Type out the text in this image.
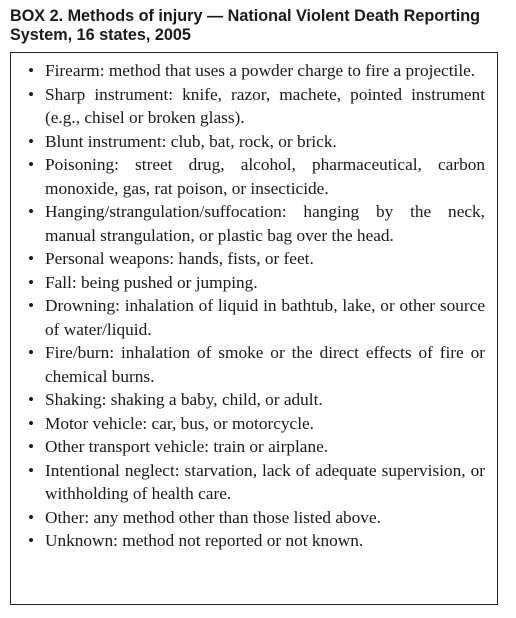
BOX 2. Methods of injury — National Violent Death Reporting System, 16 states, 2005
• Firearm: method that uses a powder charge to fire a projectile.
• Sharp instrument: knife, razor, machete, pointed instrument (e.g., chisel or broken glass).
• Blunt instrument: club, bat, rock, or brick.
• Poisoning: street drug, alcohol, pharmaceutical, carbon monoxide, gas, rat poison, or insecticide.
• Hanging/strangulation/suffocation: hanging by the neck, manual strangulation, or plastic bag over the head.
• Personal weapons: hands, fists, or feet.
• Fall: being pushed or jumping.
• Drowning: inhalation of liquid in bathtub, lake, or other source of water/liquid.
• Fire/burn: inhalation of smoke or the direct effects of fire or chemical burns.
• Shaking: shaking a baby, child, or adult.
• Motor vehicle: car, bus, or motorcycle.
• Other transport vehicle: train or airplane.
• Intentional neglect: starvation, lack of adequate supervision, or withholding of health care.
• Other: any method other than those listed above.
• Unknown: method not reported or not known.
